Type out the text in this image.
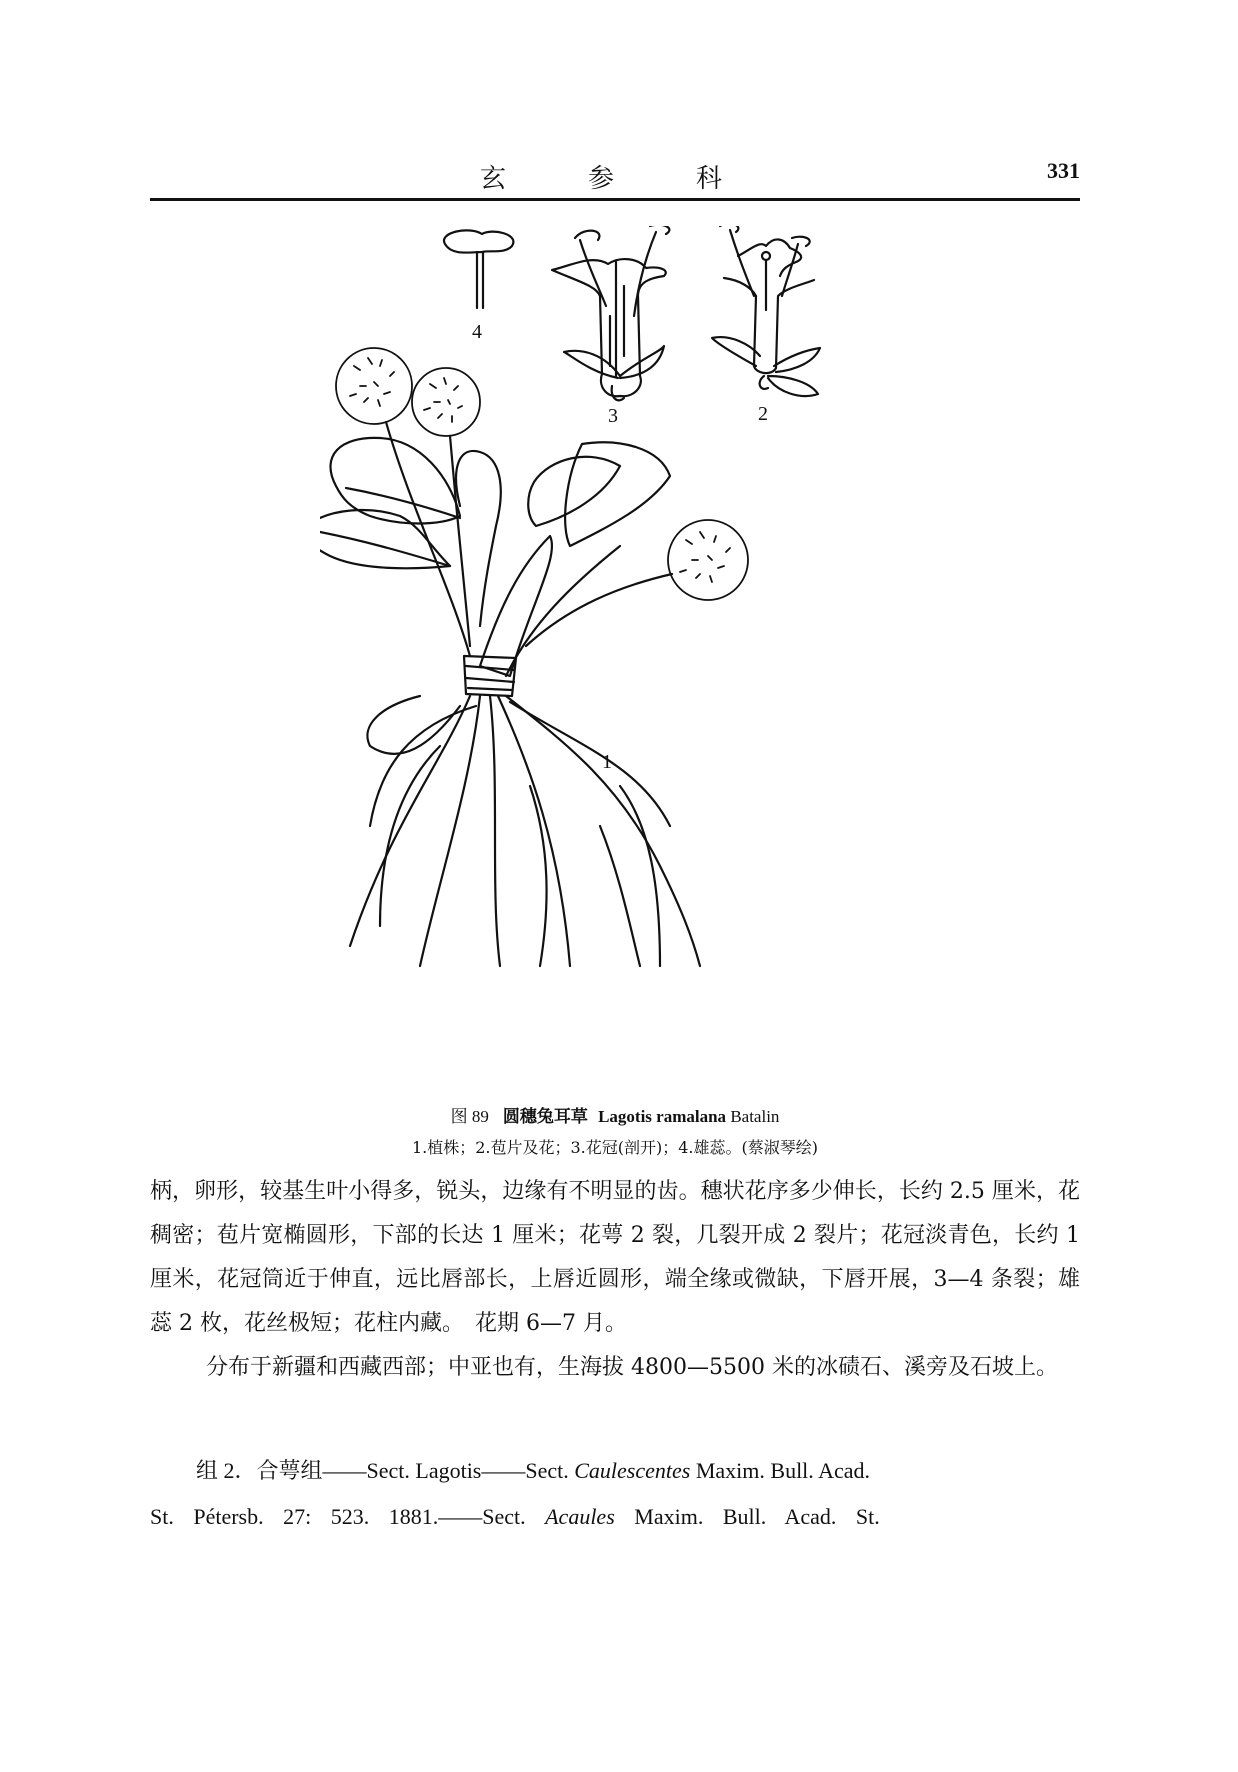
玄	参	科	331
4
3	2
1
图 89 圆穗兔耳草 Lagotis ramalana Batalin
1.植株；2.苞片及花；3.花冠(剖开)；4.雄蕊。(蔡淑琴绘)

柄，卵形，较基生叶小得多，锐头，边缘有不明显的齿。穗状花序多少伸长，长约 2.5 厘米，花稠密；苞片宽椭圆形，下部的长达 1 厘米；花萼 2 裂，几裂开成 2 裂片；花冠淡青色，长约 1 厘米，花冠筒近于伸直，远比唇部长，上唇近圆形，端全缘或微缺，下唇开展，3—4 条裂；雄蕊 2 枚，花丝极短；花柱内藏。　花期 6—7 月。

分布于新疆和西藏西部；中亚也有，生海拔 4800—5500 米的冰碛石、溪旁及石坡上。

组 2．合萼组——Sect. Lagotis——Sect. Caulescentes Maxim. Bull. Acad.

St. Pétersb. 27: 523. 1881.——Sect. Acaules Maxim. Bull. Acad. St.
